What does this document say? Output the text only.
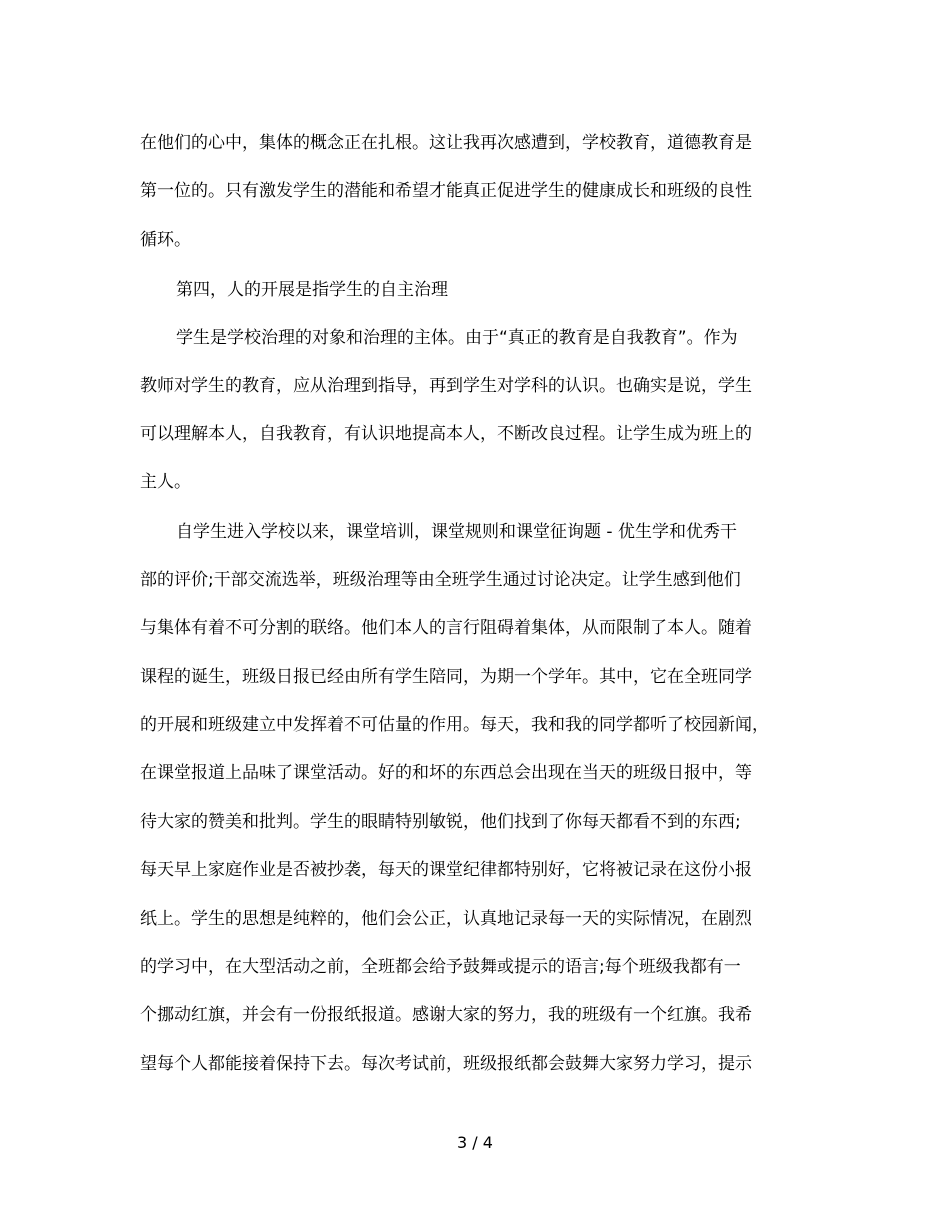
在他们的心中，集体的概念正在扎根。这让我再次感遭到，学校教育，道德教育是
第一位的。只有激发学生的潜能和希望才能真正促进学生的健康成长和班级的良性
循环。
第四，人的开展是指学生的自主治理
学生是学校治理的对象和治理的主体。由于“真正的教育是自我教育”。作为
教师对学生的教育，应从治理到指导，再到学生对学科的认识。也确实是说，学生
可以理解本人，自我教育，有认识地提高本人，不断改良过程。让学生成为班上的
主人。
自学生进入学校以来，课堂培训，课堂规则和课堂征询题 - 优生学和优秀干
部的评价;干部交流选举，班级治理等由全班学生通过讨论决定。让学生感到他们
与集体有着不可分割的联络。他们本人的言行阻碍着集体，从而限制了本人。随着
课程的诞生，班级日报已经由所有学生陪同，为期一个学年。其中，它在全班同学
的开展和班级建立中发挥着不可估量的作用。每天，我和我的同学都听了校园新闻，
在课堂报道上品味了课堂活动。好的和坏的东西总会出现在当天的班级日报中，等
待大家的赞美和批判。学生的眼睛特别敏锐，他们找到了你每天都看不到的东西;
每天早上家庭作业是否被抄袭，每天的课堂纪律都特别好，它将被记录在这份小报
纸上。学生的思想是纯粹的，他们会公正，认真地记录每一天的实际情况，在剧烈
的学习中，在大型活动之前，全班都会给予鼓舞或提示的语言;每个班级我都有一
个挪动红旗，并会有一份报纸报道。感谢大家的努力，我的班级有一个红旗。我希
望每个人都能接着保持下去。每次考试前，班级报纸都会鼓舞大家努力学习，提示
3 / 4
